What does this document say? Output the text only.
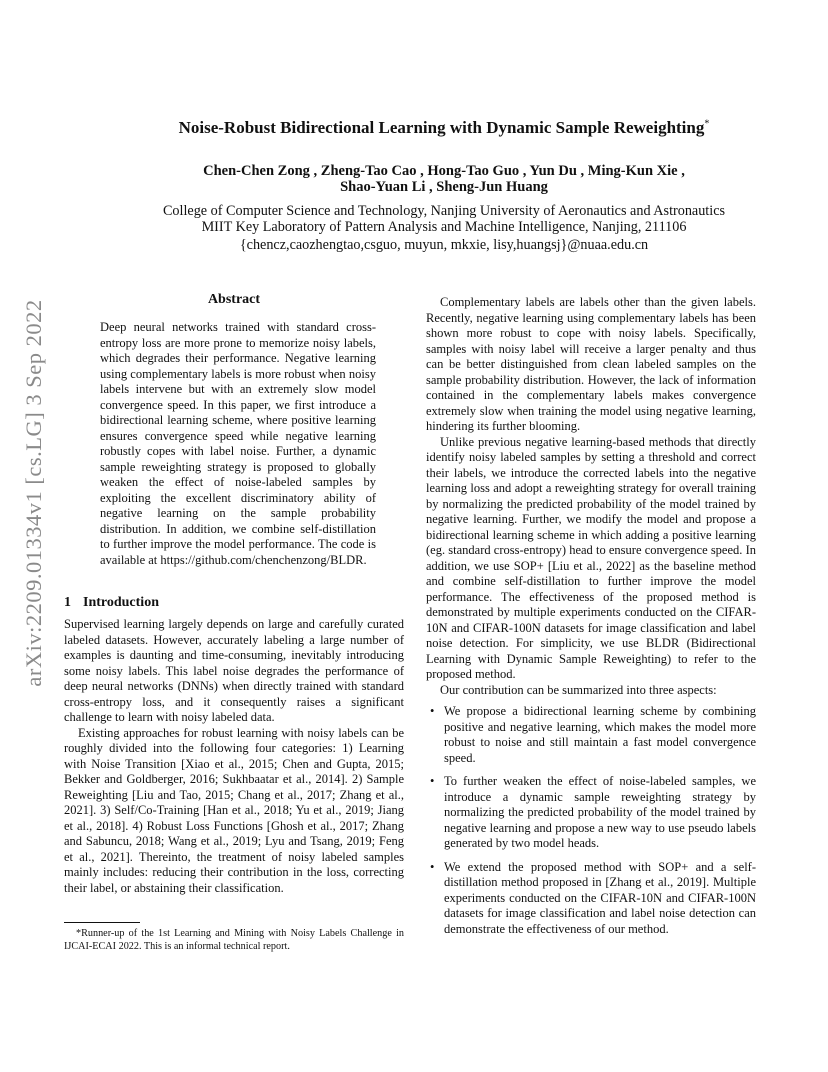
arXiv:2209.01334v1 [cs.LG] 3 Sep 2022
Noise-Robust Bidirectional Learning with Dynamic Sample Reweighting*
Chen-Chen Zong , Zheng-Tao Cao , Hong-Tao Guo , Yun Du , Ming-Kun Xie ,
Shao-Yuan Li , Sheng-Jun Huang
College of Computer Science and Technology, Nanjing University of Aeronautics and Astronautics
MIIT Key Laboratory of Pattern Analysis and Machine Intelligence, Nanjing, 211106
{chencz,caozhengtao,csguo, muyun, mkxie, lisy,huangsj}@nuaa.edu.cn
Abstract

Deep neural networks trained with standard cross-entropy loss are more prone to memorize noisy labels, which degrades their performance. Negative learning using complementary labels is more robust when noisy labels intervene but with an extremely slow model convergence speed. In this paper, we first introduce a bidirectional learning scheme, where positive learning ensures convergence speed while negative learning robustly copes with label noise. Further, a dynamic sample reweighting strategy is proposed to globally weaken the effect of noise-labeled samples by exploiting the excellent discriminatory ability of negative learning on the sample probability distribution. In addition, we combine self-distillation to further improve the model performance. The code is available at https://github.com/chenchenzong/BLDR.

1 Introduction

Supervised learning largely depends on large and carefully curated labeled datasets. However, accurately labeling a large number of examples is daunting and time-consuming, inevitably introducing some noisy labels. This label noise degrades the performance of deep neural networks (DNNs) when directly trained with standard cross-entropy loss, and it consequently raises a significant challenge to learn with noisy labeled data.

Existing approaches for robust learning with noisy labels can be roughly divided into the following four categories: 1) Learning with Noise Transition [Xiao et al., 2015; Chen and Gupta, 2015; Bekker and Goldberger, 2016; Sukhbaatar et al., 2014]. 2) Sample Reweighting [Liu and Tao, 2015; Chang et al., 2017; Zhang et al., 2021]. 3) Self/Co-Training [Han et al., 2018; Yu et al., 2019; Jiang et al., 2018]. 4) Robust Loss Functions [Ghosh et al., 2017; Zhang and Sabuncu, 2018; Wang et al., 2019; Lyu and Tsang, 2019; Feng et al., 2021]. Thereinto, the treatment of noisy labeled samples mainly includes: reducing their contribution in the loss, correcting their label, or abstaining their classification.

*Runner-up of the 1st Learning and Mining with Noisy Labels Challenge in IJCAI-ECAI 2022. This is an informal technical report.

Complementary labels are labels other than the given labels. Recently, negative learning using complementary labels has been shown more robust to cope with noisy labels. Specifically, samples with noisy label will receive a larger penalty and thus can be better distinguished from clean labeled samples on the sample probability distribution. However, the lack of information contained in the complementary labels makes convergence extremely slow when training the model using negative learning, hindering its further blooming.

Unlike previous negative learning-based methods that directly identify noisy labeled samples by setting a threshold and correct their labels, we introduce the corrected labels into the negative learning loss and adopt a reweighting strategy for overall training by normalizing the predicted probability of the model trained by negative learning. Further, we modify the model and propose a bidirectional learning scheme in which adding a positive learning (eg. standard cross-entropy) head to ensure convergence speed. In addition, we use SOP+ [Liu et al., 2022] as the baseline method and combine self-distillation to further improve the model performance. The effectiveness of the proposed method is demonstrated by multiple experiments conducted on the CIFAR-10N and CIFAR-100N datasets for image classification and label noise detection. For simplicity, we use BLDR (Bidirectional Learning with Dynamic Sample Reweighting) to refer to the proposed method.

Our contribution can be summarized into three aspects:

• We propose a bidirectional learning scheme by combining positive and negative learning, which makes the model more robust to noise and still maintain a fast model convergence speed.
• To further weaken the effect of noise-labeled samples, we introduce a dynamic sample reweighting strategy by normalizing the predicted probability of the model trained by negative learning and propose a new way to use pseudo labels generated by two model heads.
• We extend the proposed method with SOP+ and a self-distillation method proposed in [Zhang et al., 2019]. Multiple experiments conducted on the CIFAR-10N and CIFAR-100N datasets for image classification and label noise detection can demonstrate the effectiveness of our method.
